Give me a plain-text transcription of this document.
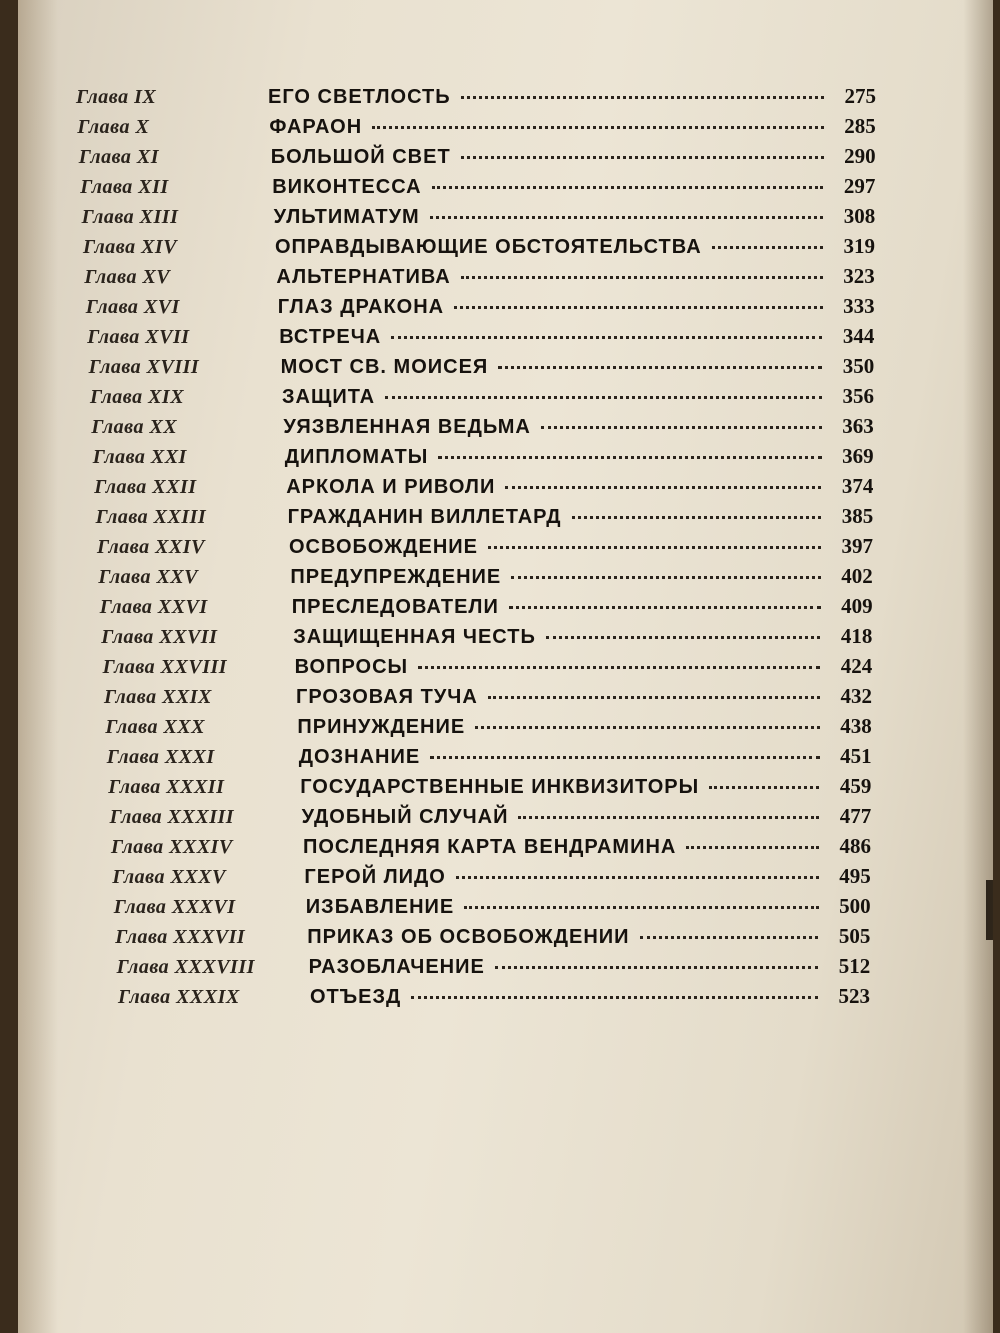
Глава IX	ЕГО СВЕТЛОСТЬ	275
Глава X	ФАРАОН	285
Глава XI	БОЛЬШОЙ СВЕТ	290
Глава XII	ВИКОНТЕССА	297
Глава XIII	УЛЬТИМАТУМ	308
Глава XIV	ОПРАВДЫВАЮЩИЕ ОБСТОЯТЕЛЬСТВА	319
Глава XV	АЛЬТЕРНАТИВА	323
Глава XVI	ГЛАЗ ДРАКОНА	333
Глава XVII	ВСТРЕЧА	344
Глава XVIII	МОСТ СВ. МОИСЕЯ	350
Глава XIX	ЗАЩИТА	356
Глава XX	УЯЗВЛЕННАЯ ВЕДЬМА	363
Глава XXI	ДИПЛОМАТЫ	369
Глава XXII	АРКОЛА И РИВОЛИ	374
Глава XXIII	ГРАЖДАНИН ВИЛЛЕТАРД	385
Глава XXIV	ОСВОБОЖДЕНИЕ	397
Глава XXV	ПРЕДУПРЕЖДЕНИЕ	402
Глава XXVI	ПРЕСЛЕДОВАТЕЛИ	409
Глава XXVII	ЗАЩИЩЕННАЯ ЧЕСТЬ	418
Глава XXVIII	ВОПРОСЫ	424
Глава XXIX	ГРОЗОВАЯ ТУЧА	432
Глава XXX	ПРИНУЖДЕНИЕ	438
Глава XXXI	ДОЗНАНИЕ	451
Глава XXXII	ГОСУДАРСТВЕННЫЕ ИНКВИЗИТОРЫ	459
Глава XXXIII	УДОБНЫЙ СЛУЧАЙ	477
Глава XXXIV	ПОСЛЕДНЯЯ КАРТА ВЕНДРАМИНА	486
Глава XXXV	ГЕРОЙ ЛИДО	495
Глава XXXVI	ИЗБАВЛЕНИЕ	500
Глава XXXVII	ПРИКАЗ ОБ ОСВОБОЖДЕНИИ	505
Глава XXXVIII	РАЗОБЛАЧЕНИЕ	512
Глава XXXIX	ОТЪЕЗД	523
